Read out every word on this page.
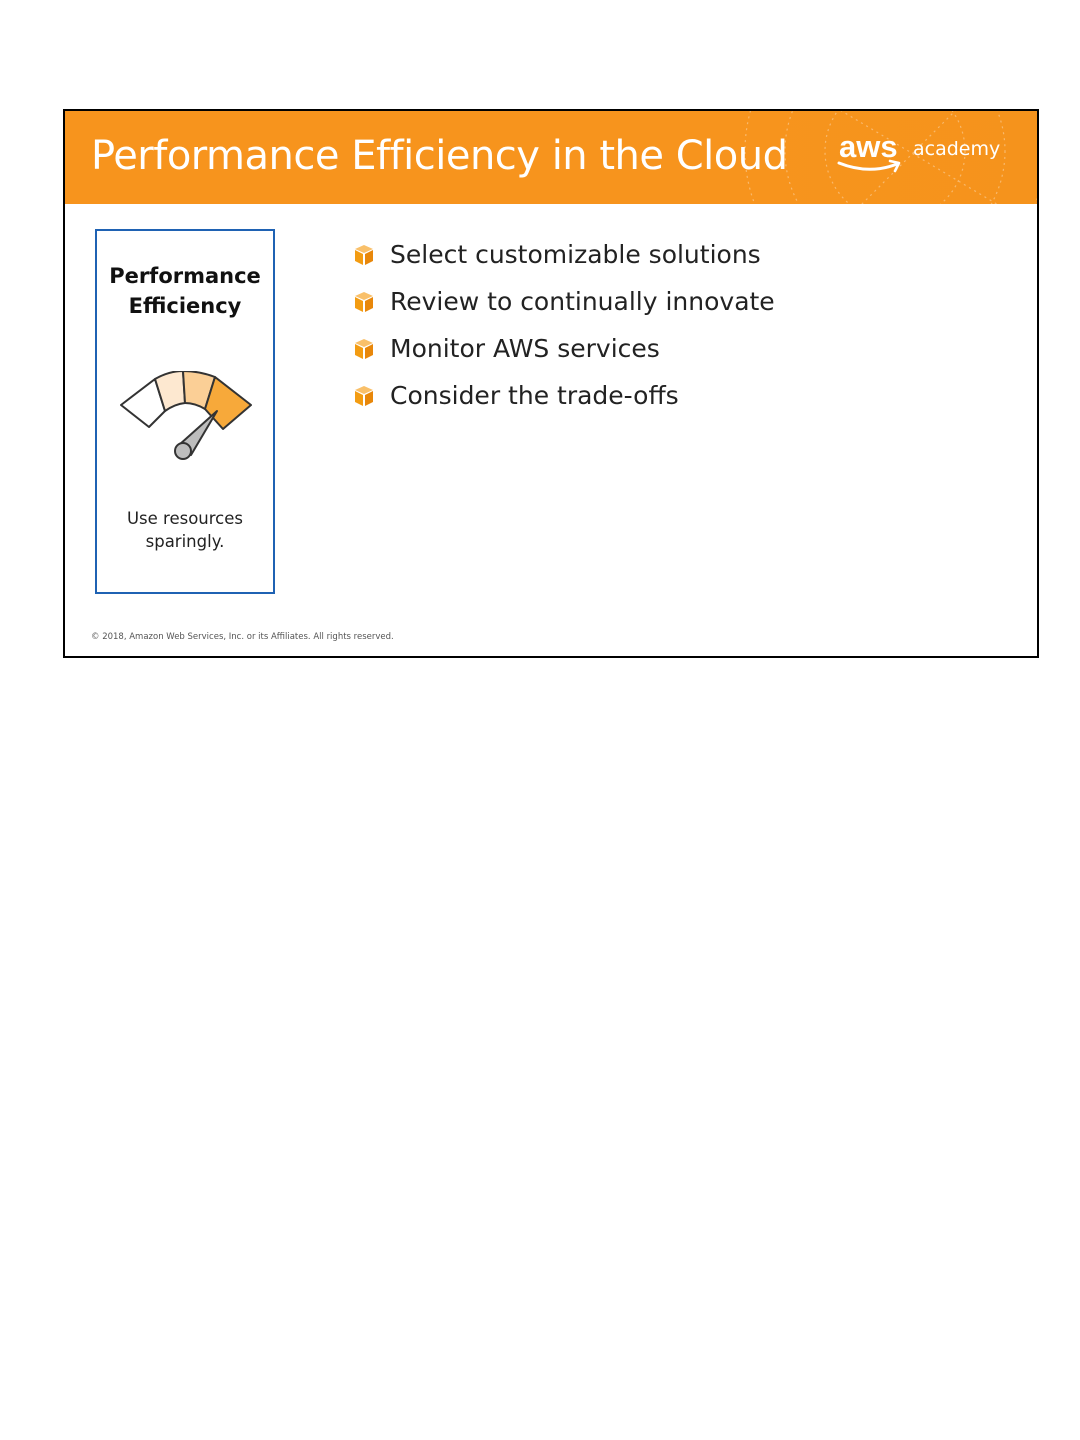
Performance Efficiency in the Cloud aws academy
Performance
Efficiency
Use resources
sparingly.
Select customizable solutions
Review to continually innovate
Monitor AWS services
Consider the trade-offs
© 2018, Amazon Web Services, Inc. or its Affiliates. All rights reserved.
